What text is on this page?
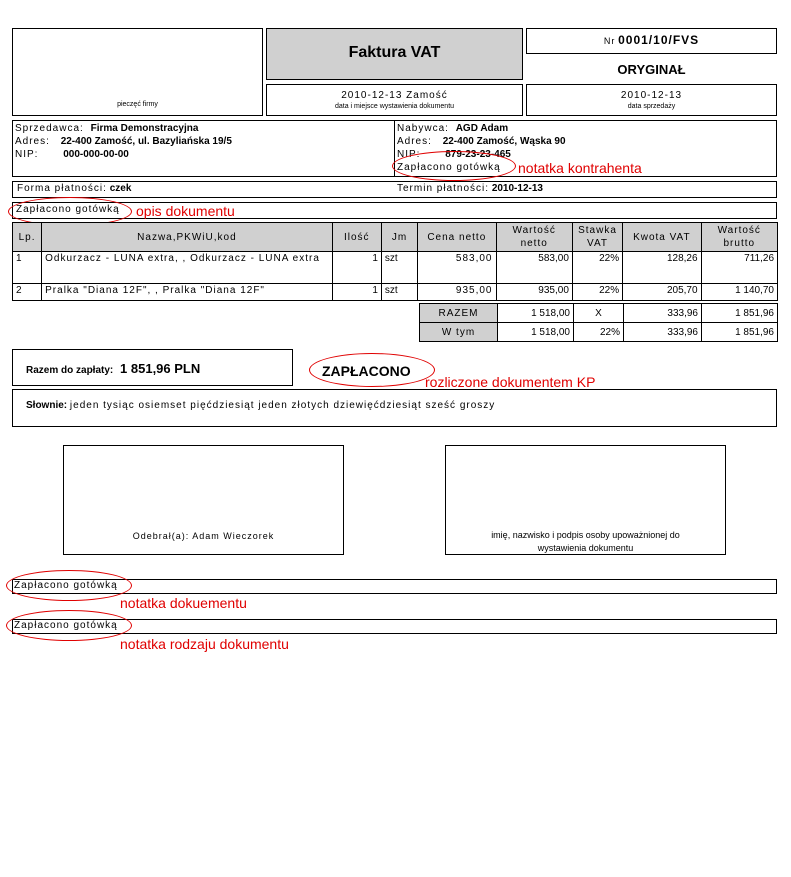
pieczęć firmy
Faktura VAT
Nr 0001/10/FVS
ORYGINAŁ
2010-12-13 Zamość
data i miejsce wystawienia dokumentu
2010-12-13
data sprzedaży
Sprzedawca: Firma Demonstracyjna
Adres: 22-400 Zamość, ul. Bazyliańska 19/5
NIP: 000-000-00-00
Nabywca: AGD Adam
Adres: 22-400 Zamość, Wąska 90
NIP: 879-23-23-465
Zapłacono gotówką	notatka kontrahenta
Forma płatności: czek	Termin płatności: 2010-12-13
Zapłacono gotówką opis dokumentu
Lp.	Nazwa,PKWiU,kod	Ilość	Jm	Cena netto	Wartość netto	Stawka VAT	Kwota VAT	Wartość brutto
1	Odkurzacz - LUNA extra, , Odkurzacz - LUNA extra	1	szt	583,00	583,00	22%	128,26	711,26
2	Pralka "Diana 12F", , Pralka "Diana 12F"	1	szt	935,00	935,00	22%	205,70	1 140,70
RAZEM	1 518,00	X	333,96	1 851,96
W tym	1 518,00	22%	333,96	1 851,96
Razem do zapłaty: 1 851,96 PLN	ZAPŁACONO
rozliczone dokumentem KP
Słownie: jeden tysiąc osiemset pięćdziesiąt jeden złotych dziewięćdziesiąt sześć groszy
Odebrał(a): Adam Wieczorek	imię, nazwisko i podpis osoby upoważnionej do wystawienia dokumentu
Zapłacono gotówką
notatka dokuementu
Zapłacono gotówką
notatka rodzaju dokumentu
